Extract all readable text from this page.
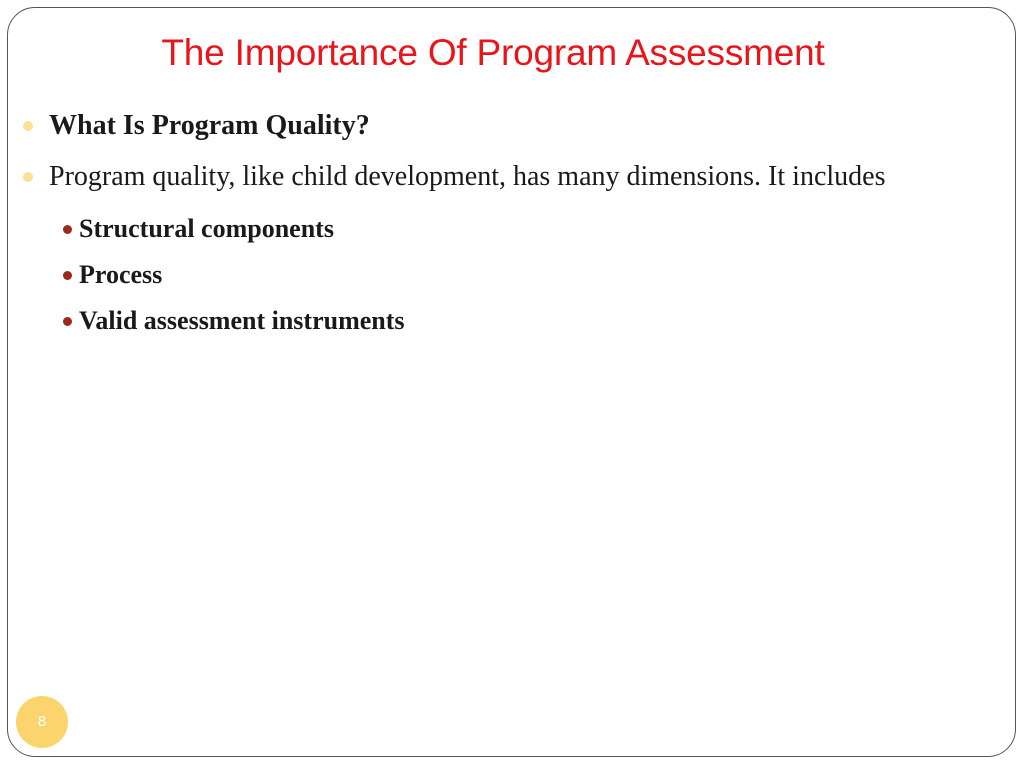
The Importance Of Program Assessment
What Is Program Quality?
Program quality, like child development, has many dimensions. It includes
Structural components
Process
Valid assessment instruments
8
